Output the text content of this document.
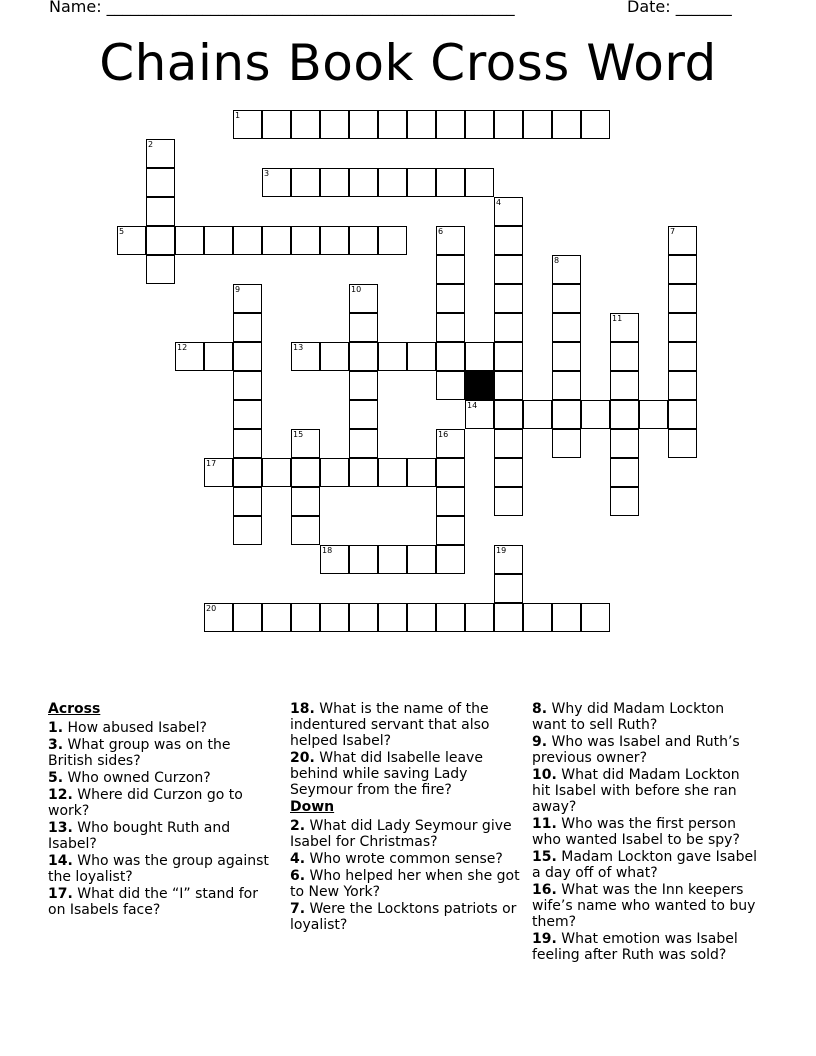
Name: ___________________________________________________	Date: _______
Chains Book Cross Word
1
3
5
12	13
14
17
18
20
2
4
6	7
8
9	10
11
15	16
19
Across
1. How abused Isabel?
3. What group was on the British sides?
5. Who owned Curzon?
12. Where did Curzon go to work?
13. Who bought Ruth and Isabel?
14. Who was the group against the loyalist?
17. What did the “I” stand for on Isabels face?
18. What is the name of the indentured servant that also helped Isabel?
20. What did Isabelle leave behind while saving Lady Seymour from the fire?
Down
2. What did Lady Seymour give Isabel for Christmas?
4. Who wrote common sense?
6. Who helped her when she got to New York?
7. Were the Locktons patriots or loyalist?
8. Why did Madam Lockton want to sell Ruth?
9. Who was Isabel and Ruth’s previous owner?
10. What did Madam Lockton hit Isabel with before she ran away?
11. Who was the first person who wanted Isabel to be spy?
15. Madam Lockton gave Isabel a day off of what?
16. What was the Inn keepers wife’s name who wanted to buy them?
19. What emotion was Isabel feeling after Ruth was sold?
